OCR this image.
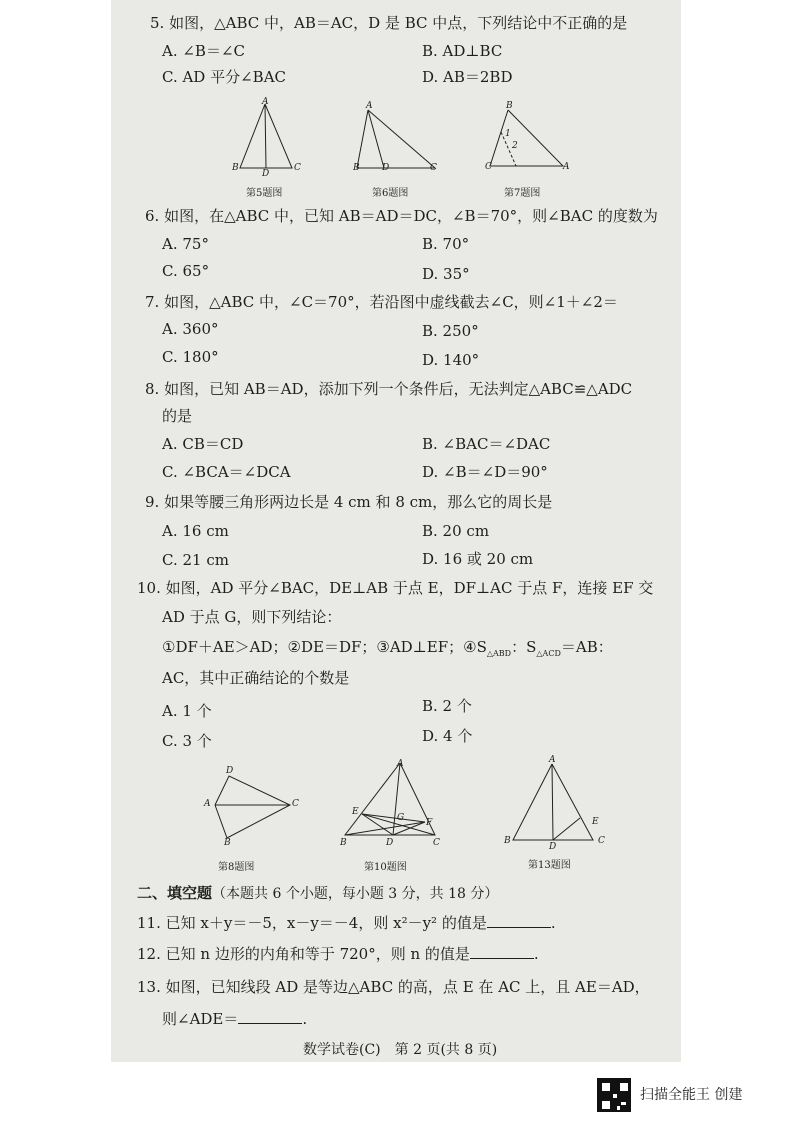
5. 如图，△ABC 中，AB＝AC，D 是 BC 中点，下列结论中不正确的是
A. ∠B＝∠C	B. AD⊥BC
C. AD 平分∠BAC	D. AB＝2BD
A
B	C
D
第5题图
A
B D	C
第6题图
B
1
2
C	A
第7题图
6. 如图，在△ABC 中，已知 AB＝AD＝DC，∠B＝70°，则∠BAC 的度数为
A. 75°	B. 70°
C. 65°	D. 35°
7. 如图，△ABC 中，∠C＝70°，若沿图中虚线截去∠C，则∠1＋∠2＝
A. 360°	B. 250°
C. 180°	D. 140°
8. 如图，已知 AB＝AD，添加下列一个条件后，无法判定△ABC≌△ADC
的是
A. CB＝CD	B. ∠BAC＝∠DAC
C. ∠BCA＝∠DCA	D. ∠B＝∠D＝90°
9. 如果等腰三角形两边长是 4 cm 和 8 cm，那么它的周长是
A. 16 cm	B. 20 cm
C. 21 cm	D. 16 或 20 cm
10. 如图，AD 平分∠BAC，DE⊥AB 于点 E，DF⊥AC 于点 F，连接 EF 交
AD 于点 G，则下列结论：
①DF＋AE＞AD；②DE＝DF；③AD⊥EF；$④S_{\triangle ABD}$：$S_{\triangle ACD}=AB$：
AC，其中正确结论的个数是
A. 1 个	B. 2 个
C. 3 个	D. 4 个
D
A	C
B
第8题图
A
E
G F
B	D	C
第10题图
A
E
B
D
C
第13题图
二、填空题（本题共 6 个小题，每小题 3 分，共 18 分）
11. 已知 x＋y＝－5，x－y＝－4，则 x²－y² 的值是	.
12. 已知 n 边形的内角和等于 720°，则 n 的值是	.
13. 如图，已知线段 AD 是等边△ABC 的高，点 E 在 AC 上，且 AE＝AD，
则∠ADE＝	.
数学试卷(C)　第 2 页(共 8 页)
扫描全能王 创建
